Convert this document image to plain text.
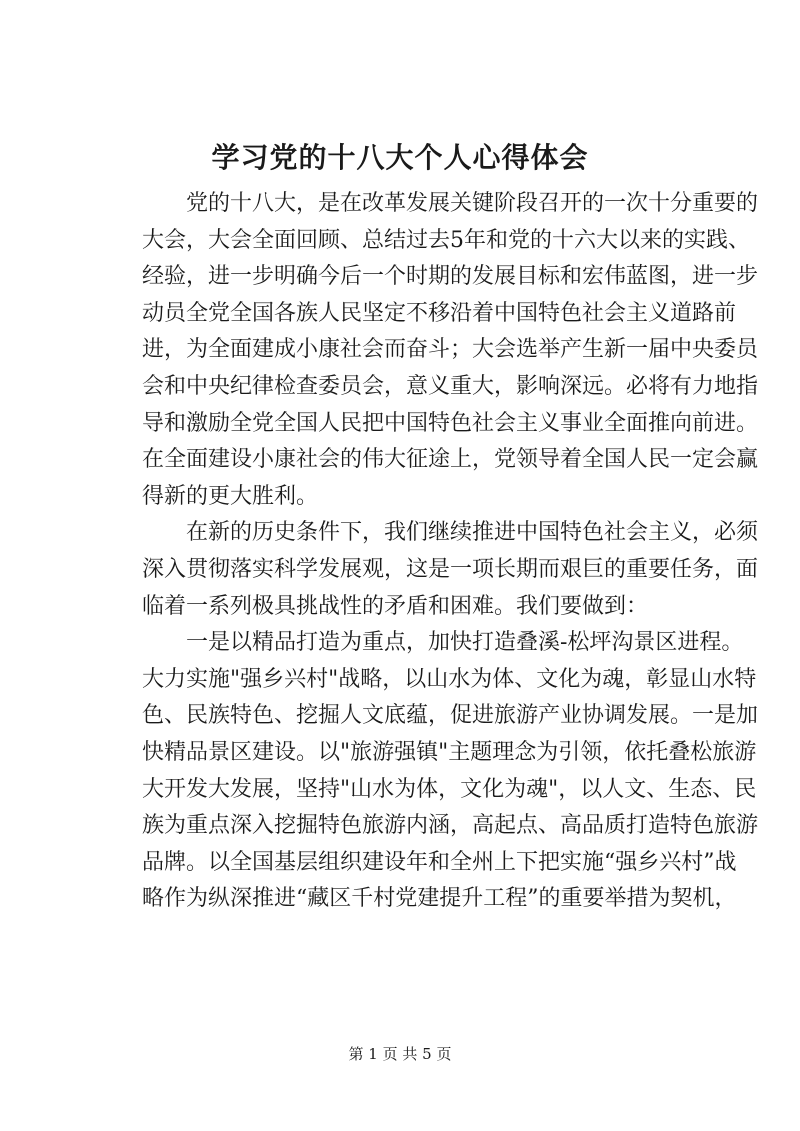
学习党的十八大个人心得体会
党的十八大，是在改革发展关键阶段召开的一次十分重要的
大会，大会全面回顾、总结过去5年和党的十六大以来的实践、
经验，进一步明确今后一个时期的发展目标和宏伟蓝图，进一步
动员全党全国各族人民坚定不移沿着中国特色社会主义道路前
进，为全面建成小康社会而奋斗；大会选举产生新一届中央委员
会和中央纪律检查委员会，意义重大，影响深远。必将有力地指
导和激励全党全国人民把中国特色社会主义事业全面推向前进。
在全面建设小康社会的伟大征途上，党领导着全国人民一定会赢
得新的更大胜利。
在新的历史条件下，我们继续推进中国特色社会主义，必须
深入贯彻落实科学发展观，这是一项长期而艰巨的重要任务，面
临着一系列极具挑战性的矛盾和困难。我们要做到：
一是以精品打造为重点，加快打造叠溪-松坪沟景区进程。
大力实施"强乡兴村"战略，以山水为体、文化为魂，彰显山水特
色、民族特色、挖掘人文底蕴，促进旅游产业协调发展。一是加
快精品景区建设。以"旅游强镇"主题理念为引领，依托叠松旅游
大开发大发展，坚持"山水为体，文化为魂"，以人文、生态、民
族为重点深入挖掘特色旅游内涵，高起点、高品质打造特色旅游
品牌。以全国基层组织建设年和全州上下把实施“强乡兴村”战
略作为纵深推进“藏区千村党建提升工程”的重要举措为契机，
第 1 页 共 5 页
